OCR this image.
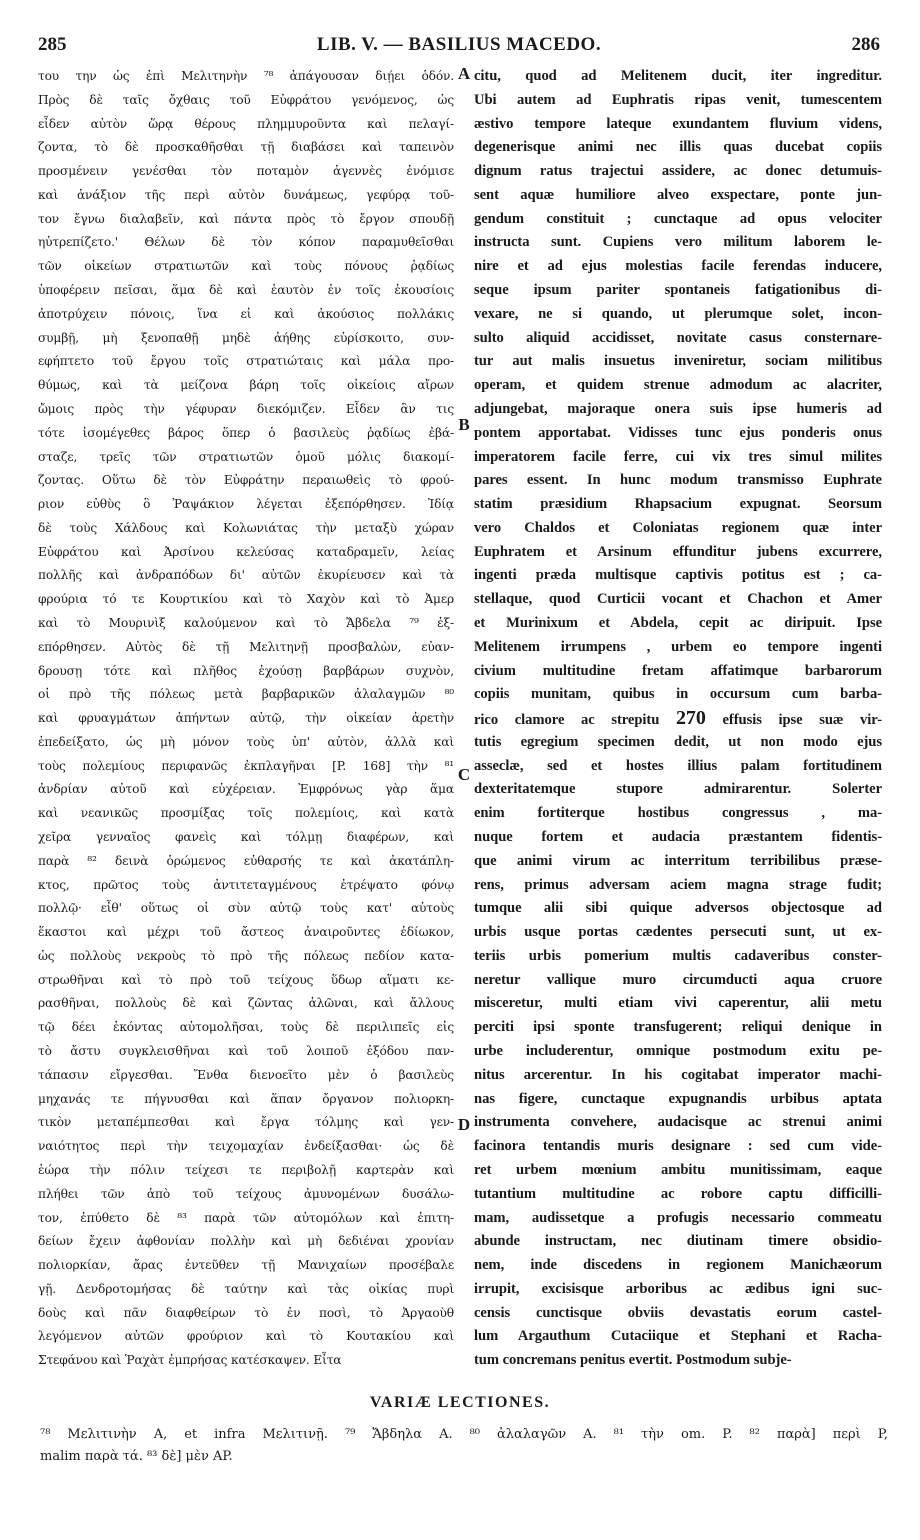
285	LIB. V. — BASILIUS MACEDO.	286
του την ὡς ἐπὶ Μελιτηνὴν ⁷⁸ ἀπάγουσαν διῄει ὁδόν.
Πρὸς δὲ ταῖς ὄχθαις τοῦ Εὐφράτου γενόμενος, ὡς
εἶδεν αὐτὸν ὥρᾳ θέρους πλημμυροῦντα καὶ πελαγί-
ζοντα, τὸ δὲ προσκαθῆσθαι τῇ διαβάσει καὶ ταπεινὸν
προσμένειν γενέσθαι τὸν ποταμὸν ἀγεννὲς ἐνόμισε
καὶ ἀνάξιον τῆς περὶ αὐτὸν δυνάμεως, γεφύρᾳ τοῦ-
τον ἔγνω διαλαβεῖν, καὶ πάντα πρὸς τὸ ἔργον σπουδῇ
ηὐτρεπίζετο.' Θέλων δὲ τὸν κόπον παραμυθεῖσθαι
τῶν οἰκείων στρατιωτῶν καὶ τοὺς πόνους ῥᾳδίως
ὑποφέρειν πεῖσαι, ἅμα δὲ καὶ ἑαυτὸν ἐν τοῖς ἑκουσίοις
ἀποτρύχειν πόνοις, ἵνα εἰ καὶ ἀκούσιος πολλάκις
συμβῇ, μὴ ξενοπαθῇ μηδὲ ἀήθης εὑρίσκοιτο, συν-
εφήπτετο τοῦ ἔργου τοῖς στρατιώταις καὶ μάλα προ-
θύμως, καὶ τὰ μείζονα βάρη τοῖς οἰκείοις αἴρων
ὤμοις πρὸς τὴν γέφυραν διεκόμιζεν. Εἶδεν ἂν τις
τότε ἰσομέγεθες βάρος ὅπερ ὁ βασιλεὺς ῥᾳδίως ἐβά-
σταζε, τρεῖς τῶν στρατιωτῶν ὁμοῦ μόλις διακομί-
ζοντας. Οὕτω δὲ τὸν Εὐφράτην περαιωθεὶς τὸ φρού-
ριον εὐθὺς ὃ Ῥαψάκιον λέγεται ἐξεπόρθησεν. Ἰδίᾳ
δὲ τοὺς Χάλδους καὶ Κολωνιάτας τὴν μεταξὺ χώραν
Εὐφράτου καὶ Ἀρσίνου κελεύσας καταδραμεῖν, λείας
πολλῆς καὶ ἀνδραπόδων δι' αὐτῶν ἐκυρίευσεν καὶ τὰ
φρούρια τό τε Κουρτικίου καὶ τὸ Χαχὸν καὶ τὸ Ἀμερ
καὶ τὸ Μουρινὶξ καλούμενον καὶ τὸ Ἄβδελα ⁷⁹ ἐξ-
επόρθησεν. Αὐτὸς δὲ τῇ Μελιτηνῇ προσβαλὼν, εὐαν-
δρουσῃ τότε καὶ πλῆθος ἐχούσῃ βαρβάρων συχνὸν,
οἱ πρὸ τῆς πόλεως μετὰ βαρβαρικῶν ἀλαλαγμῶν ⁸⁰
καὶ φρυαγμάτων ἀπήντων αὐτῷ, τὴν οἰκείαν ἀρετὴν
ἐπεδείξατο, ὡς μὴ μόνον τοὺς ὑπ' αὐτὸν, ἀλλὰ καὶ
τοὺς πολεμίους περιφανῶς ἐκπλαγῆναι [P. 168] τὴν ⁸¹
ἀνδρίαν αὐτοῦ καὶ εὐχέρειαν. Ἐμφρόνως γὰρ ἅμα
καὶ νεανικῶς προσμίξας τοῖς πολεμίοις, καὶ κατὰ
χεῖρα γενναῖος φανεὶς καὶ τόλμῃ διαφέρων, καὶ
παρὰ ⁸² δεινὰ ὁρώμενος εὐθαρσής τε καὶ ἀκατάπλη-
κτος, πρῶτος τοὺς ἀντιτεταγμένους ἐτρέψατο φόνῳ
πολλῷ· εἶθ' οὕτως οἱ σὺν αὐτῷ τοὺς κατ' αὐτοὺς
ἕκαστοι καὶ μέχρι τοῦ ἄστεος ἀναιροῦντες ἐδίωκον,
ὡς πολλοὺς νεκροὺς τὸ πρὸ τῆς πόλεως πεδίον κατα-
στρωθῆναι καὶ τὸ πρὸ τοῦ τείχους ὕδωρ αἵματι κε-
ρασθῆναι, πολλοὺς δὲ καὶ ζῶντας ἁλῶναι, καὶ ἄλλους
τῷ δέει ἑκόντας αὐτομολῆσαι, τοὺς δὲ περιλιπεῖς εἰς
τὸ ἄστυ συγκλεισθῆναι καὶ τοῦ λοιποῦ ἐξόδου παν-
τάπασιν εἴργεσθαι. Ἔνθα διενοεῖτο μὲν ὁ βασιλεὺς
μηχανάς τε πήγνυσθαι καὶ ἅπαν ὄργανον πολιορκη-
τικὸν μεταπέμπεσθαι καὶ ἔργα τόλμης καὶ γεν-
ναιότητος περὶ τὴν τειχομαχίαν ἐνδείξασθαι· ὡς δὲ
ἑώρα τὴν πόλιν τείχεσι τε περιβολῇ καρτερὰν καὶ
πλήθει τῶν ἀπὸ τοῦ τείχους ἀμυνομένων δυσάλω-
τον, ἐπύθετο δὲ ⁸³ παρὰ τῶν αὐτομόλων καὶ ἐπιτη-
δείων ἔχειν ἀφθονίαν πολλὴν καὶ μὴ δεδιέναι χρονίαν
πολιορκίαν, ἄρας ἐντεῦθεν τῇ Μανιχαίων προσέβαλε
γῇ. Δενδροτομήσας δὲ ταύτην καὶ τὰς οἰκίας πυρὶ
δοὺς καὶ πᾶν διαφθείρων τὸ ἐν ποσὶ, τὸ Ἀργαοὺθ
λεγόμενον αὐτῶν φρούριον καὶ τὸ Κουτακίου καὶ
Στεφάνου καὶ Ῥαχὰτ ἐμπρήσας κατέσκαψεν. Εἶτα
citu, quod ad Melitenem ducit, iter ingreditur.
Ubi autem ad Euphratis ripas venit, tumescentem
æstivo tempore lateque exundantem fluvium videns,
degenerisque animi nec illis quas ducebat copiis
dignum ratus trajectui assidere, ac donec detumuis-
sent aquæ humiliore alveo exspectare, ponte jun-
gendum constituit ; cunctaque ad opus velociter
instructa sunt. Cupiens vero militum laborem le-
nire et ad ejus molestias facile ferendas inducere,
seque ipsum pariter spontaneis fatigationibus di-
vexare, ne si quando, ut plerumque solet, incon-
sulto aliquid accidisset, novitate casus consternare-
tur aut malis insuetus inveniretur, sociam militibus
operam, et quidem strenue admodum ac alacriter,
adjungebat, majoraque onera suis ipse humeris ad
pontem apportabat. Vidisses tunc ejus ponderis onus
imperatorem facile ferre, cui vix tres simul milites
pares essent. In hunc modum transmisso Euphrate
statim præsidium Rhapsacium expugnat. Seorsum
vero Chaldos et Coloniatas regionem quæ inter
Euphratem et Arsinum effunditur jubens excurrere,
ingenti præda multisque captivis potitus est ; ca-
stellaque, quod Curticii vocant et Chachon et Amer
et Murinixum et Abdela, cepit ac diripuit. Ipse
Melitenem irrumpens , urbem eo tempore ingenti
civium multitudine fretam affatimque barbarorum
copiis munitam, quibus in occursum cum barba-
rico clamore ac strepitu 270 effusis ipse suæ vir-
tutis egregium specimen dedit, ut non modo ejus
asseclæ, sed et hostes illius palam fortitudinem
dexteritatemque stupore admirarentur. Solerter
enim fortiterque hostibus congressus , ma-
nuque fortem et audacia præstantem fidentis-
que animi virum ac interritum terribilibus præse-
rens, primus adversam aciem magna strage fudit;
tumque alii sibi quique adversos objectosque ad
urbis usque portas cædentes persecuti sunt, ut ex-
teriis urbis pomerium multis cadaveribus conster-
neretur vallique muro circumducti aqua cruore
misceretur, multi etiam vivi caperentur, alii metu
perciti ipsi sponte transfugerent; reliqui denique in
urbe includerentur, omnique postmodum exitu pe-
nitus arcerentur. In his cogitabat imperator machi-
nas figere, cunctaque expugnandis urbibus aptata
instrumenta convehere, audacisque ac strenui animi
facinora tentandis muris designare : sed cum vide-
ret urbem mœnium ambitu munitissimam, eaque
tutantium multitudine ac robore captu difficilli-
mam, audissetque a profugis necessario commeatu
abunde instructam, nec diutinam timere obsidio-
nem, inde discedens in regionem Manichæorum
irrupit, excisisque arboribus ac ædibus igni suc-
censis cunctisque obviis devastatis eorum castel-
lum Argauthum Cutaciique et Stephani et Racha-
tum concremans penitus evertit. Postmodum subje-
A
B
C
D
VARIÆ LECTIONES.
⁷⁸ Μελιτινὴν A, et infra Μελιτινῇ. ⁷⁹ Ἄβδηλα A. ⁸⁰ ἀλαλαγῶν A. ⁸¹ τὴν om. P. ⁸² παρὰ] περὶ P,
malim παρὰ τά. ⁸³ δὲ] μὲν AP.
